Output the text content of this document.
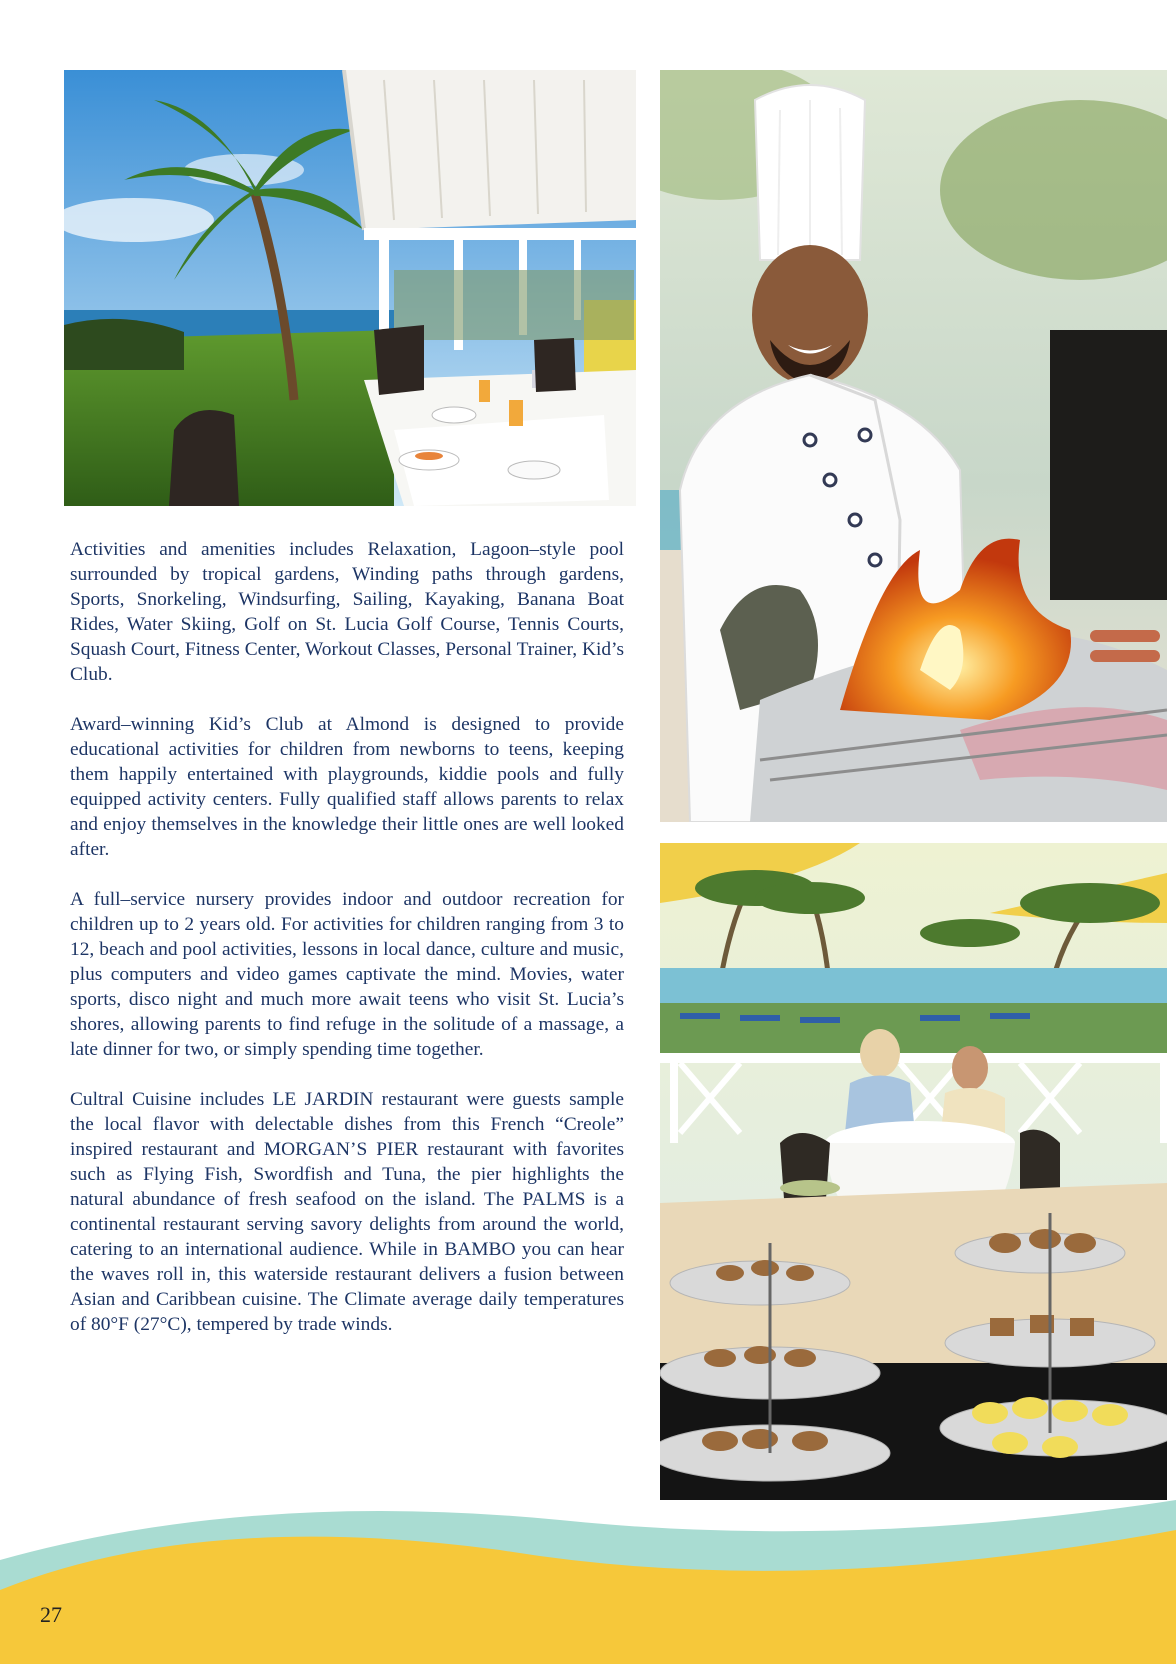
Activities and amenities includes Relaxation, Lagoon–style pool surrounded by tropical gardens, Winding paths through gardens, Sports, Snorkeling, Windsurfing, Sailing, Kayaking, Banana Boat Rides, Water Skiing, Golf on St. Lucia Golf Course, Tennis Courts, Squash Court, Fitness Center, Workout Classes, Personal Trainer, Kid’s Club.

Award–winning Kid’s Club at Almond is designed to provide educational activities for children from newborns to teens, keeping them happily entertained with playgrounds, kiddie pools and fully equipped activity centers. Fully qualified staff allows parents to relax and enjoy themselves in the knowledge their little ones are well looked after.

A full–service nursery provides indoor and outdoor recreation for children up to 2 years old. For activities for children ranging from 3 to 12, beach and pool activities, lessons in local dance, culture and music, plus computers and video games captivate the mind. Movies, water sports, disco night and much more await teens who visit St. Lucia’s shores, allowing parents to find refuge in the solitude of a massage, a late dinner for two, or simply spending time together.

Cultral Cuisine includes LE JARDIN restaurant were guests sample the local flavor with delectable dishes from this French “Creole” inspired restaurant and MORGAN’S PIER restaurant with favorites such as Flying Fish, Swordfish and Tuna, the pier highlights the natural abundance of fresh seafood on the island. The PALMS is a continental restaurant serving savory delights from around the world, catering to an international audience. While in BAMBO you can hear the waves roll in, this waterside restaurant delivers a fusion between Asian and Caribbean cuisine. The Climate average daily temperatures of 80°F (27°C), tempered by trade winds.

27
